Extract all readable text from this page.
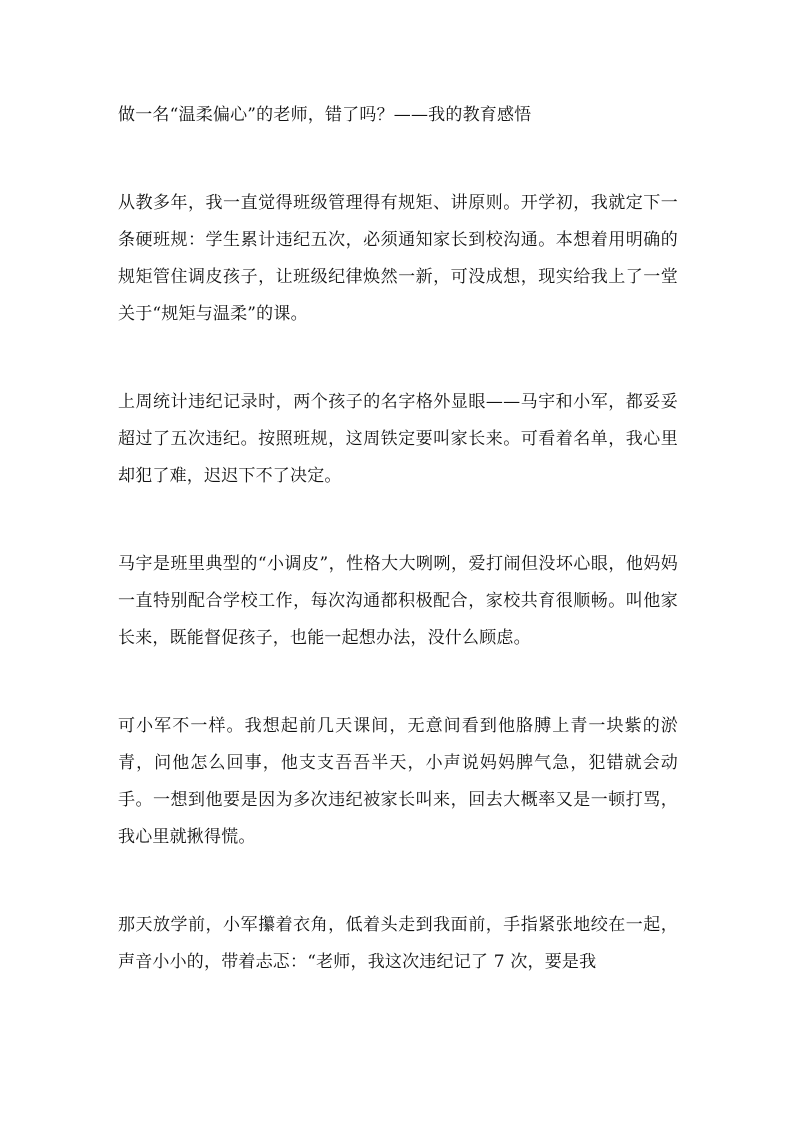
做一名“温柔偏心”的老师，错了吗？——我的教育感悟

从教多年，我一直觉得班级管理得有规矩、讲原则。开学初，我就定下一条硬班规：学生累计违纪五次，必须通知家长到校沟通。本想着用明确的规矩管住调皮孩子，让班级纪律焕然一新，可没成想，现实给我上了一堂关于“规矩与温柔”的课。

上周统计违纪记录时，两个孩子的名字格外显眼——马宇和小军，都妥妥超过了五次违纪。按照班规，这周铁定要叫家长来。可看着名单，我心里却犯了难，迟迟下不了决定。

马宇是班里典型的“小调皮”，性格大大咧咧，爱打闹但没坏心眼，他妈妈一直特别配合学校工作，每次沟通都积极配合，家校共育很顺畅。叫他家长来，既能督促孩子，也能一起想办法，没什么顾虑。

可小军不一样。我想起前几天课间，无意间看到他胳膊上青一块紫的淤青，问他怎么回事，他支支吾吾半天，小声说妈妈脾气急，犯错就会动手。一想到他要是因为多次违纪被家长叫来，回去大概率又是一顿打骂，我心里就揪得慌。

那天放学前，小军攥着衣角，低着头走到我面前，手指紧张地绞在一起，声音小小的，带着忐忑：“老师，我这次违纪记了 7 次，要是我
